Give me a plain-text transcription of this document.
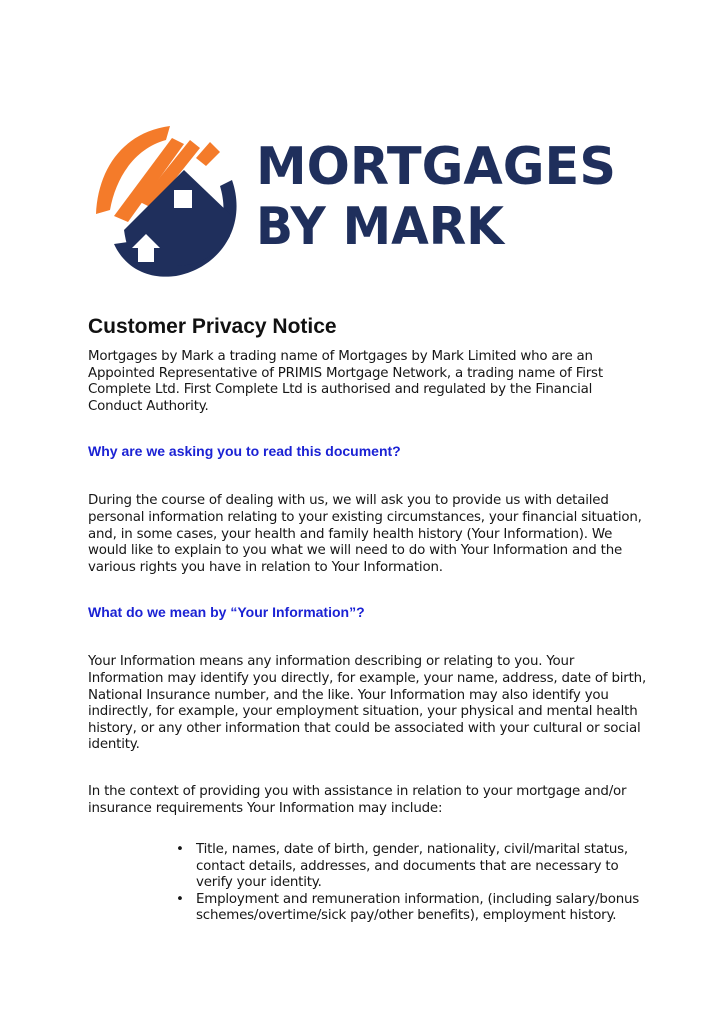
MORTGAGES
BY MARK
Customer Privacy Notice

Mortgages by Mark a trading name of Mortgages by Mark Limited who are an Appointed Representative of PRIMIS Mortgage Network, a trading name of First Complete Ltd. First Complete Ltd is authorised and regulated by the Financial Conduct Authority.

Why are we asking you to read this document?

During the course of dealing with us, we will ask you to provide us with detailed personal information relating to your existing circumstances, your financial situation, and, in some cases, your health and family health history (Your Information). We would like to explain to you what we will need to do with Your Information and the various rights you have in relation to Your Information.

What do we mean by “Your Information”?

Your Information means any information describing or relating to you. Your Information may identify you directly, for example, your name, address, date of birth, National Insurance number, and the like. Your Information may also identify you indirectly, for example, your employment situation, your physical and mental health history, or any other information that could be associated with your cultural or social identity.

In the context of providing you with assistance in relation to your mortgage and/or insurance requirements Your Information may include:

• Title, names, date of birth, gender, nationality, civil/marital status, contact details, addresses, and documents that are necessary to verify your identity.
• Employment and remuneration information, (including salary/bonus schemes/overtime/sick pay/other benefits), employment history.
